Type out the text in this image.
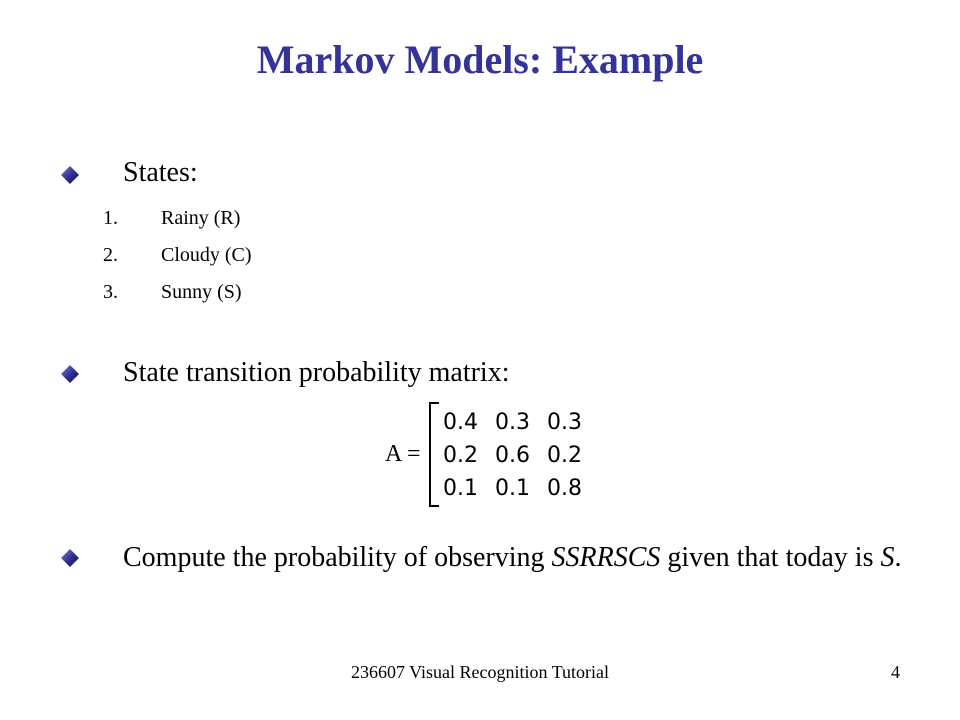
Markov Models: Example
States:
1. Rainy (R)
2. Cloudy (C)
3. Sunny (S)
State transition probability matrix:
A =
0.4 0.3 0.3
0.2 0.6 0.2
0.1 0.1 0.8
Compute the probability of observing SSRRSCS given that today is S.
236607 Visual Recognition Tutorial	4
